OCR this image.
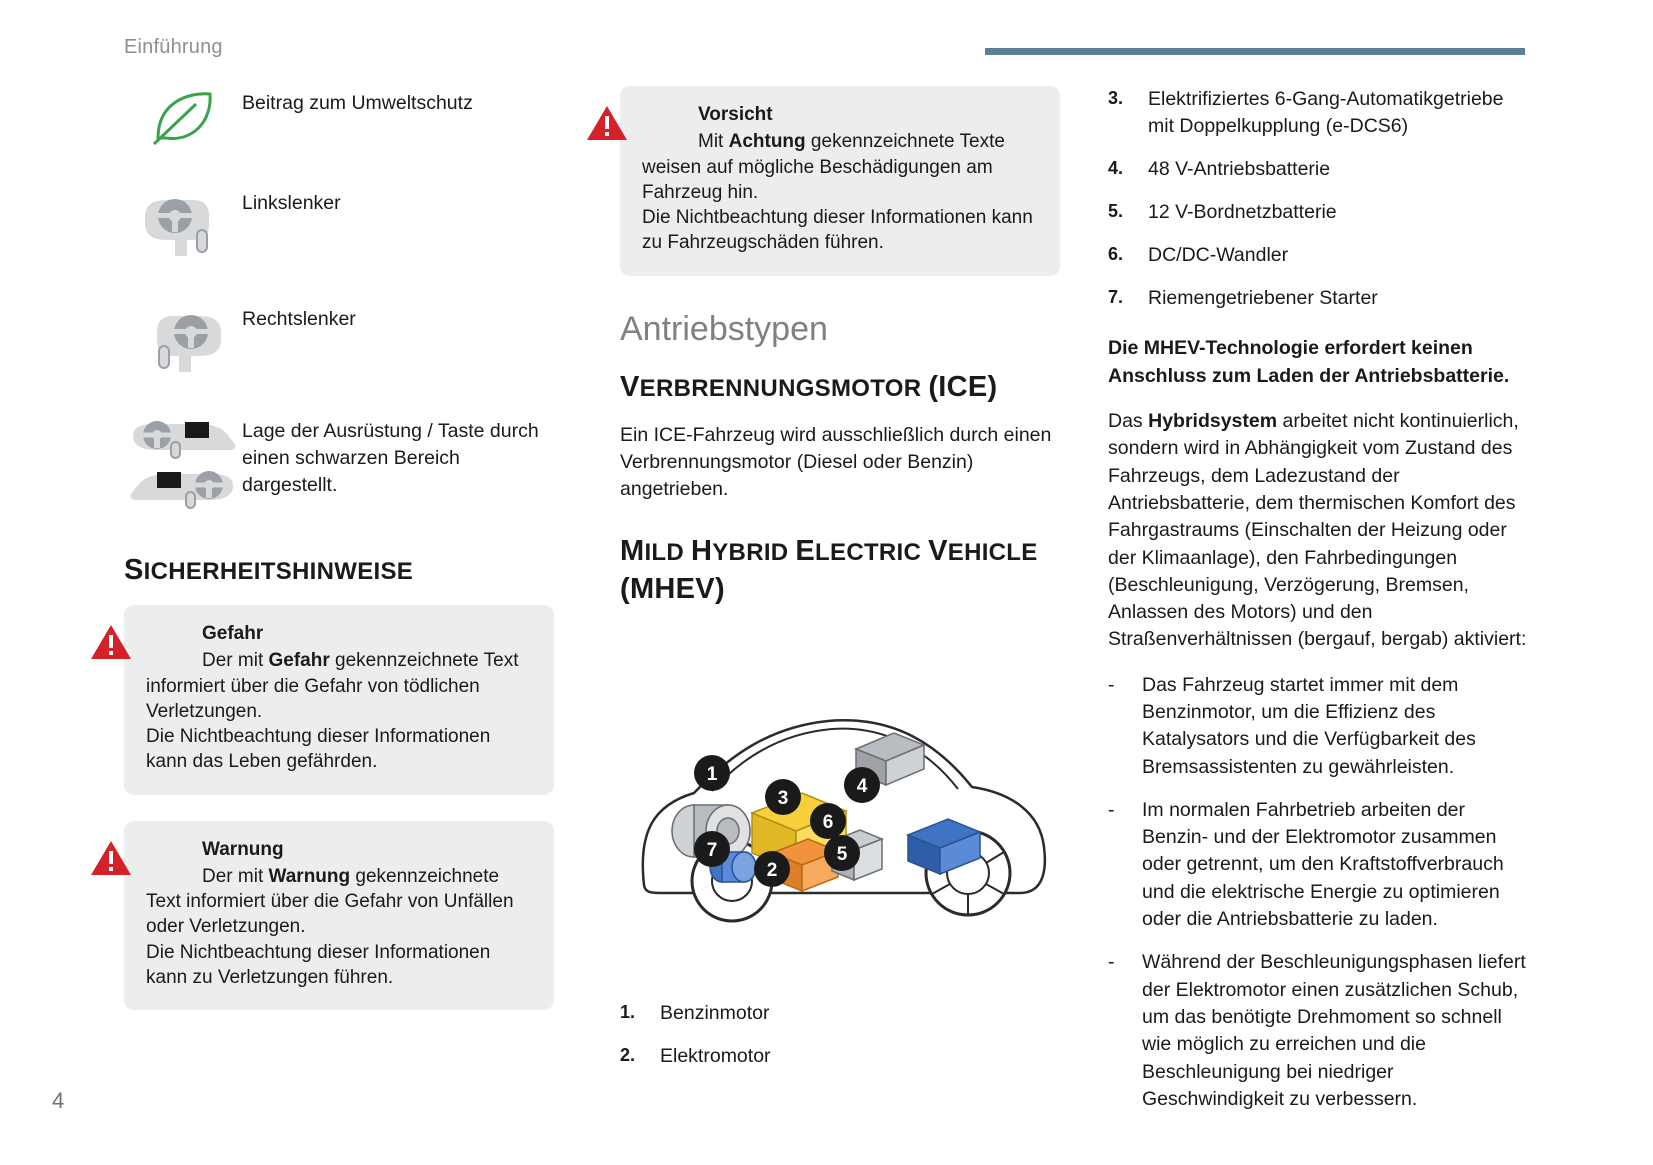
Einführung
Beitrag zum Umweltschutz
Linkslenker
Rechtslenker
Lage der Ausrüstung / Taste durch einen schwarzen Bereich dargestellt.
SICHERHEITSHINWEISE

Gefahr

Der mit Gefahr gekennzeichnete Text

informiert über die Gefahr von tödlichen Verletzungen.

Die Nichtbeachtung dieser Informationen kann das Leben gefährden.

Warnung

Der mit Warnung gekennzeichnete

Text informiert über die Gefahr von Unfällen oder Verletzungen.

Die Nichtbeachtung dieser Informationen kann zu Verletzungen führen.

Vorsicht

Mit Achtung gekennzeichnete Texte

weisen auf mögliche Beschädigungen am Fahrzeug hin.

Die Nichtbeachtung dieser Informationen kann zu Fahrzeugschäden führen.

Antriebstypen
VERBRENNUNGSMOTOR (ICE)

Ein ICE-Fahrzeug wird ausschließlich durch einen Verbrennungsmotor (Diesel oder Benzin) angetrieben.

MILD HYBRID ELECTRIC VEHICLE
(MHEV)
1
2
3
4
5
6
7
1.	Benzinmotor
2.	Elektromotor
3.	Elektrifiziertes 6-Gang-Automatikgetriebe mit Doppelkupplung (e-DCS6)
4.	48 V-Antriebsbatterie
5.	12 V-Bordnetzbatterie
6.	DC/DC-Wandler
7.	Riemengetriebener Starter

Die MHEV-Technologie erfordert keinen Anschluss zum Laden der Antriebsbatterie.

Das Hybridsystem arbeitet nicht kontinuierlich, sondern wird in Abhängigkeit vom Zustand des Fahrzeugs, dem Ladezustand der Antriebsbatterie, dem thermischen Komfort des Fahrgastraums (Einschalten der Heizung oder der Klimaanlage), den Fahrbedingungen (Beschleunigung, Verzögerung, Bremsen, Anlassen des Motors) und den Straßenverhältnissen (bergauf, bergab) aktiviert:

-	Das Fahrzeug startet immer mit dem Benzinmotor, um die Effizienz des Katalysators und die Verfügbarkeit des Bremsassistenten zu gewährleisten.
-	Im normalen Fahrbetrieb arbeiten der Benzin- und der Elektromotor zusammen oder getrennt, um den Kraftstoffverbrauch und die elektrische Energie zu optimieren oder die Antriebsbatterie zu laden.
-	Während der Beschleunigungsphasen liefert der Elektromotor einen zusätzlichen Schub, um das benötigte Drehmoment so schnell wie möglich zu erreichen und die Beschleunigung bei niedriger Geschwindigkeit zu verbessern.
4
